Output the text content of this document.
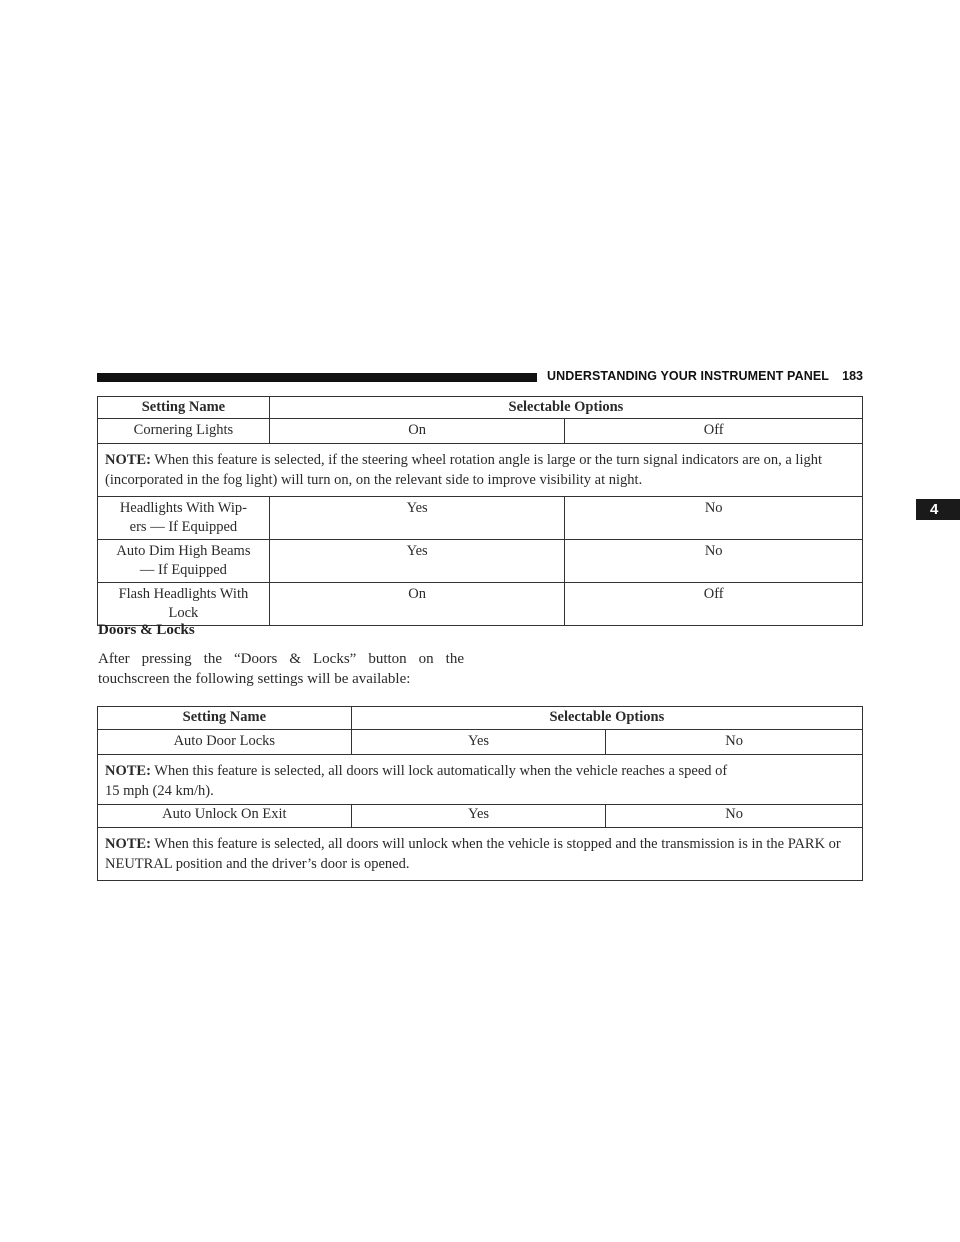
UNDERSTANDING YOUR INSTRUMENT PANEL 183
4
Setting Name	Selectable Options	
Cornering Lights	On	Off
NOTE: When this feature is selected, if the steering wheel rotation angle is large or the turn signal indicators are on, a light (incorporated in the fog light) will turn on, on the relevant side to improve visibility at night.		

Headlights With Wip-
ers — If Equipped	Yes	No

Auto Dim High Beams
— If Equipped	Yes	No

Flash Headlights With
Lock	On	Off
Doors & Locks
After pressing the “Doors & Locks” button on the
touchscreen the following settings will be available:
Setting Name	Selectable Options	
Auto Door Locks	Yes	No

NOTE: When this feature is selected, all doors will lock automatically when the vehicle reaches a speed of
15 mph (24 km/h).		

Auto Unlock On Exit	Yes	No
NOTE: When this feature is selected, all doors will unlock when the vehicle is stopped and the transmission is in the PARK or NEUTRAL position and the driver’s door is opened.		
